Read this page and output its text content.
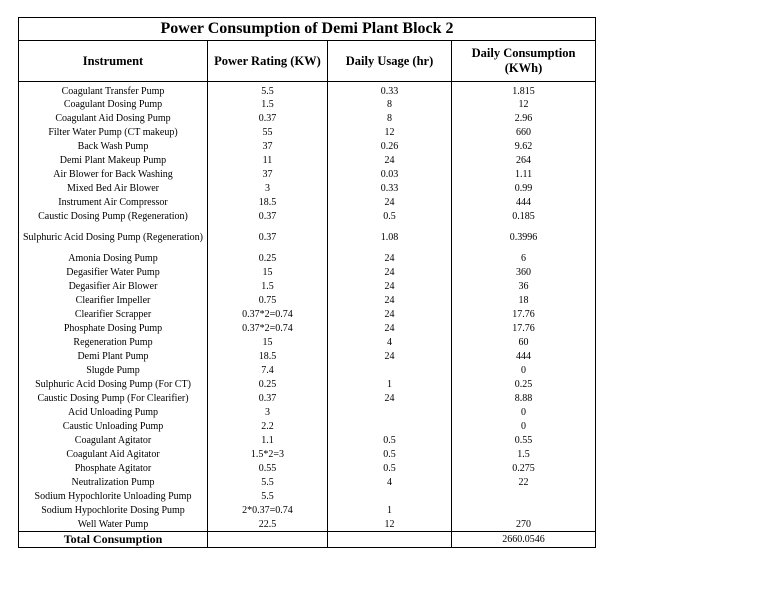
Power Consumption of Demi Plant Block 2			
Instrument	Power Rating (KW)	Daily Usage (hr)	Daily Consumption (KWh)
Coagulant Transfer Pump	5.5	0.33	1.815
Coagulant Dosing Pump	1.5	8	12
Coagulant Aid Dosing Pump	0.37	8	2.96
Filter Water Pump (CT makeup)	55	12	660
Back Wash Pump	37	0.26	9.62
Demi Plant Makeup Pump	11	24	264
Air Blower for Back Washing	37	0.03	1.11
Mixed Bed Air Blower	3	0.33	0.99
Instrument Air Compressor	18.5	24	444
Caustic Dosing Pump (Regeneration)	0.37	0.5	0.185
Sulphuric Acid Dosing Pump (Regeneration)	0.37	1.08	0.3996
Amonia Dosing Pump	0.25	24	6
Degasifier Water Pump	15	24	360
Degasifier Air Blower	1.5	24	36
Clearifier Impeller	0.75	24	18
Clearifier Scrapper	0.37*2=0.74	24	17.76
Phosphate Dosing Pump	0.37*2=0.74	24	17.76
Regeneration Pump	15	4	60
Demi Plant Pump	18.5	24	444
Slugde Pump	7.4		0
Sulphuric Acid Dosing Pump (For CT)	0.25	1	0.25
Caustic Dosing Pump (For Clearifier)	0.37	24	8.88
Acid Unloading Pump	3		0
Caustic Unloading Pump	2.2		0
Coagulant Agitator	1.1	0.5	0.55
Coagulant Aid Agitator	1.5*2=3	0.5	1.5
Phosphate Agitator	0.55	0.5	0.275
Neutralization Pump	5.5	4	22
Sodium Hypochlorite Unloading Pump	5.5		
Sodium Hypochlorite Dosing Pump	2*0.37=0.74	1	
Well Water Pump	22.5	12	270
Total Consumption			2660.0546
